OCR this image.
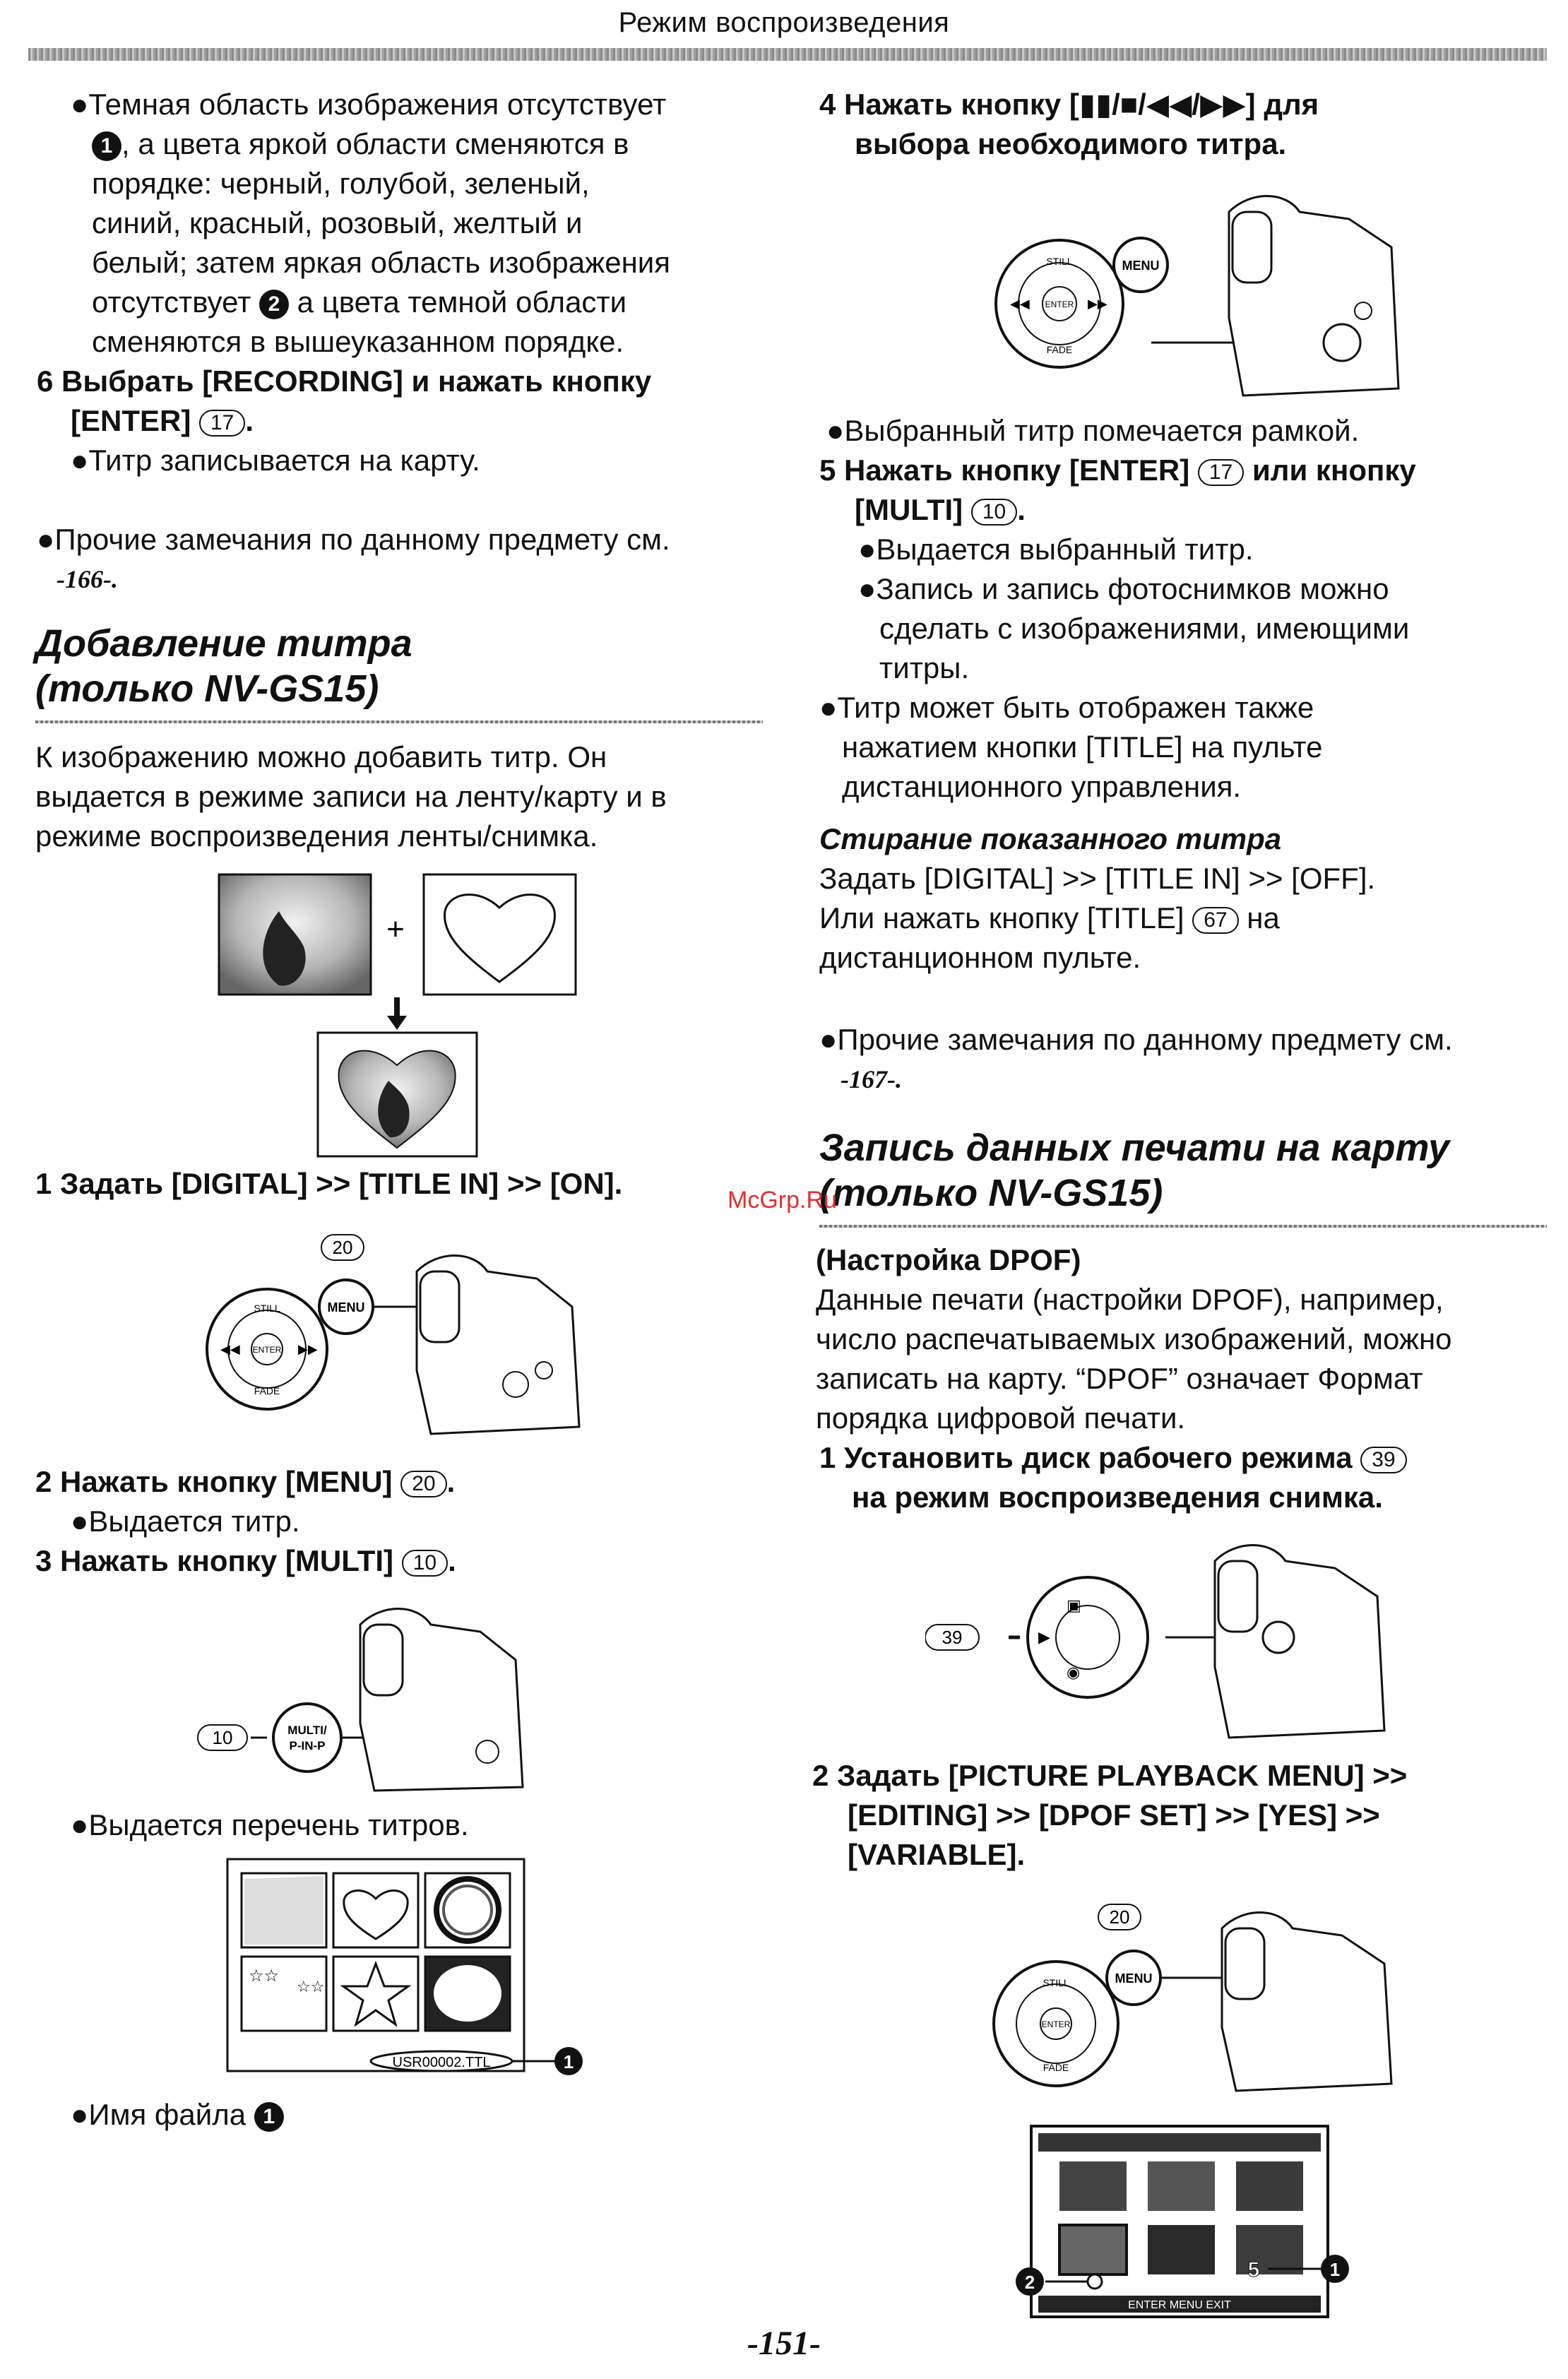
Режим воспроизведения
●Темная область изображения отсутствует
1 , а цвета яркой области сменяются в
порядке: черный, голубой, зеленый,
синий, красный, розовый, желтый и
белый; затем яркая область изображения
отсутствует 2 а цвета темной области
сменяются в вышеуказанном порядке.
6 Выбрать [RECORDING] и нажать кнопку
[ENTER] 17 .
●Титр записывается на карту.
●Прочие замечания по данному предмету см.
-166-.
Добавление титра
(только NV-GS15)
К изображению можно добавить титр. Он
выдается в режиме записи на ленту/карту и в
режиме воспроизведения ленты/снимка.
+
1 Задать [DIGITAL] >> [TITLE IN] >> [ON].
20
STILL
FADE
ENTER
◀◀	▶▶
MENU
2 Нажать кнопку [MENU] 20 .
●Выдается титр.
3 Нажать кнопку [MULTI] 10 .
10	MULTI/
P-IN-P
●Выдается перечень титров.
☆☆
☆☆
USR00002.TTL	1
●Имя файла 1
4 Нажать кнопку [▮▮/■/◀◀/▶▶] для
выбора необходимого титра.
STILL
FADE
ENTER
◀◀	▶▶
MENU
●Выбранный титр помечается рамкой.
5 Нажать кнопку [ENTER] 17 или кнопку
[MULTI] 10 .
●Выдается выбранный титр.
●Запись и запись фотоснимков можно
сделать с изображениями, имеющими
титры.
●Титр может быть отображен также
нажатием кнопки [TITLE] на пульте
дистанционного управления.
Стирание показанного титра
Задать [DIGITAL] >> [TITLE IN] >> [OFF].
Или нажать кнопку [TITLE] 67 на
дистанционном пульте.
●Прочие замечания по данному предмету см.
-167-.
Запись данных печати на карту
(только NV-GS15)
(Настройка DPOF)
Данные печати (настройки DPOF), например,
число распечатываемых изображений, можно
записать на карту. “DPOF” означает Формат
порядка цифровой печати.
1 Установить диск рабочего режима 39
на режим воспроизведения снимка.
39
▣
▶
◉
2 Задать [PICTURE PLAYBACK MENU] >>
[EDITING] >> [DPOF SET] >> [YES] >>
[VARIABLE].
20
STILL
FADE
ENTER
MENU
ENTER MENU EXIT
2
5	1
McGrp.Ru
-151-
